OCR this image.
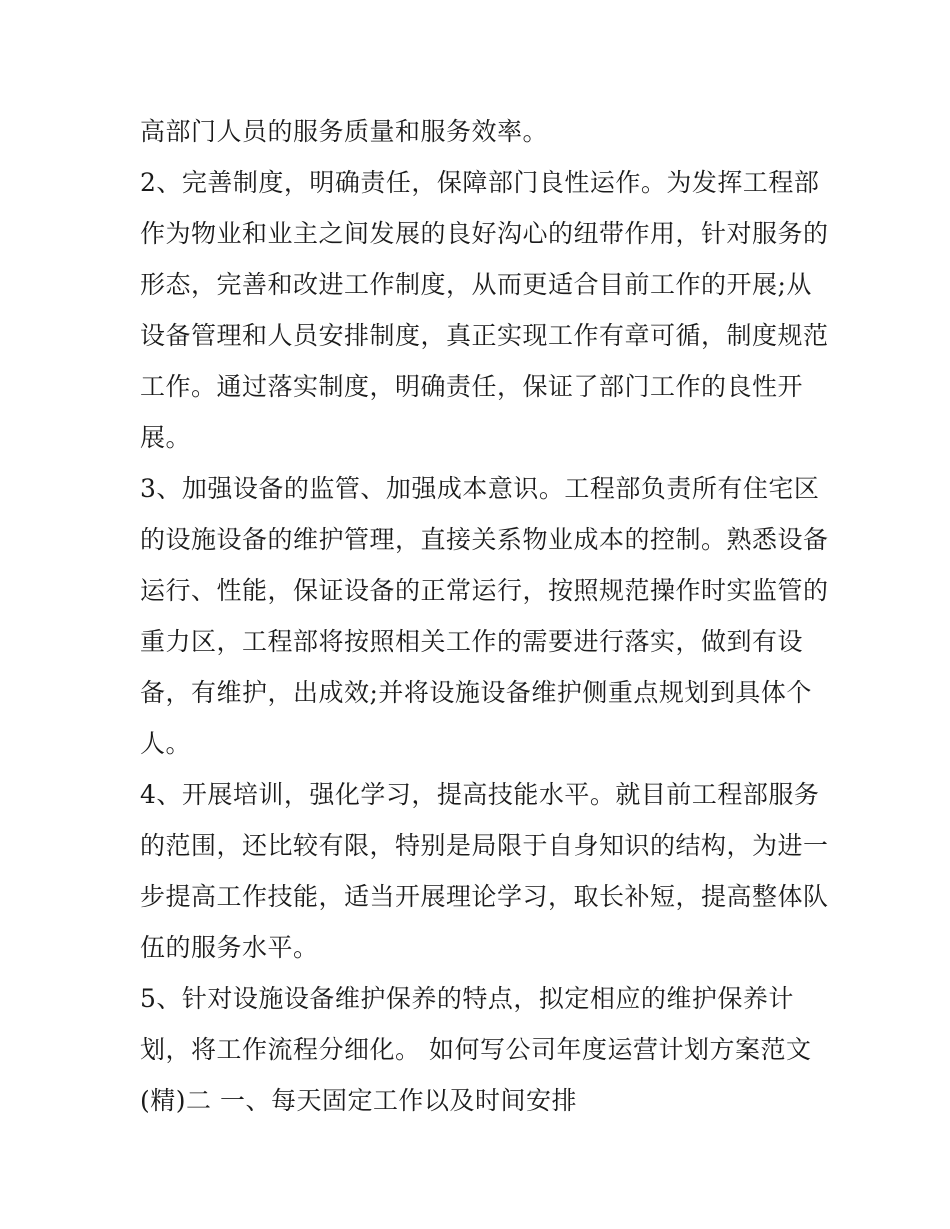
高部门人员的服务质量和服务效率。
2、完善制度，明确责任，保障部门良性运作。为发挥工程部
作为物业和业主之间发展的良好沟心的纽带作用，针对服务的
形态，完善和改进工作制度，从而更适合目前工作的开展;从
设备管理和人员安排制度，真正实现工作有章可循，制度规范
工作。通过落实制度，明确责任，保证了部门工作的良性开
展。
3、加强设备的监管、加强成本意识。工程部负责所有住宅区
的设施设备的维护管理，直接关系物业成本的控制。熟悉设备
运行、性能，保证设备的正常运行，按照规范操作时实监管的
重力区，工程部将按照相关工作的需要进行落实，做到有设
备，有维护，出成效;并将设施设备维护侧重点规划到具体个
人。
4、开展培训，强化学习，提高技能水平。就目前工程部服务
的范围，还比较有限，特别是局限于自身知识的结构，为进一
步提高工作技能，适当开展理论学习，取长补短，提高整体队
伍的服务水平。
5、针对设施设备维护保养的特点，拟定相应的维护保养计
划，将工作流程分细化。 如何写公司年度运营计划方案范文
(精)二 一、每天固定工作以及时间安排
